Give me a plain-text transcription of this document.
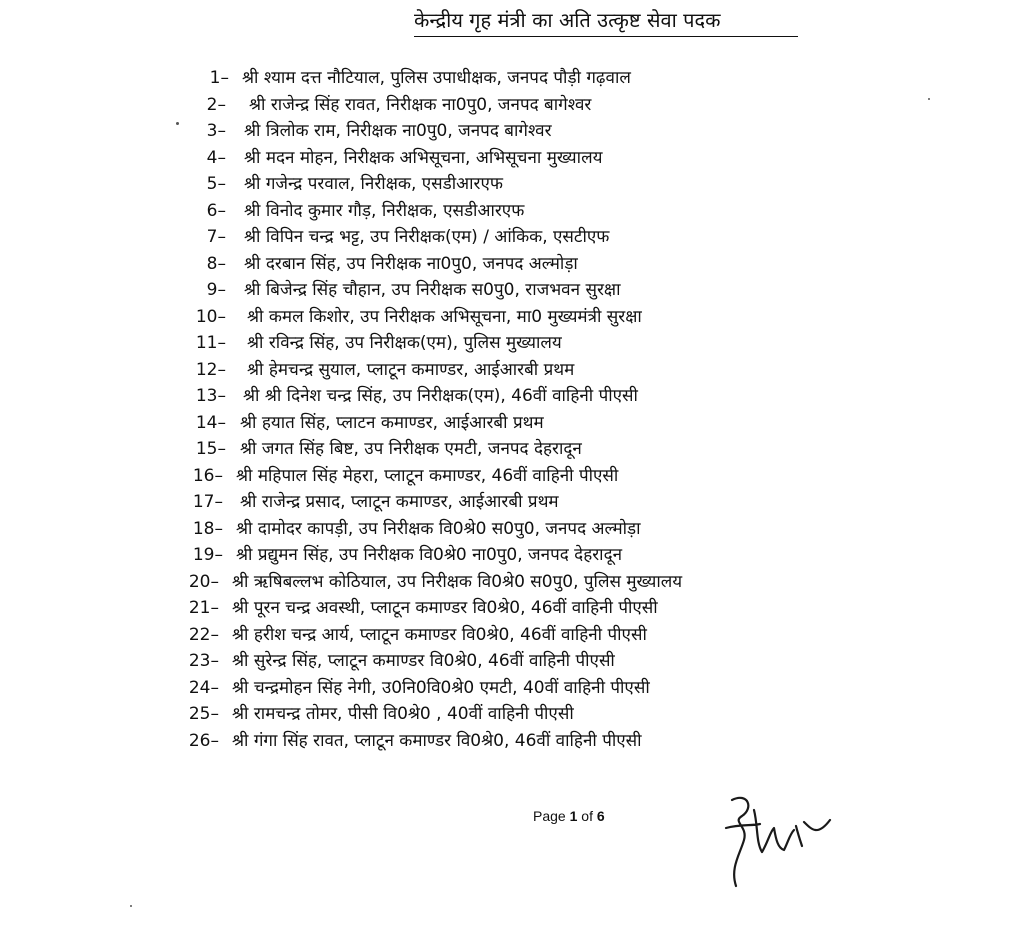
केन्द्रीय गृह मंत्री का अति उत्कृष्ट सेवा पदक
1– श्री श्याम दत्त नौटियाल, पुलिस उपाधीक्षक, जनपद पौड़ी गढ़वाल
2– श्री राजेन्द्र सिंह रावत, निरीक्षक ना0पु0, जनपद बागेश्वर
3– श्री त्रिलोक राम, निरीक्षक ना0पु0, जनपद बागेश्वर
4– श्री मदन मोहन, निरीक्षक अभिसूचना, अभिसूचना मुख्यालय
5– श्री गजेन्द्र परवाल, निरीक्षक, एसडीआरएफ
6– श्री विनोद कुमार गौड़, निरीक्षक, एसडीआरएफ
7– श्री विपिन चन्द्र भट्ट, उप निरीक्षक(एम) / आंकिक, एसटीएफ
8– श्री दरबान सिंह, उप निरीक्षक ना0पु0, जनपद अल्मोड़ा
9– श्री बिजेन्द्र सिंह चौहान, उप निरीक्षक स0पु0, राजभवन सुरक्षा
10– श्री कमल किशोर, उप निरीक्षक अभिसूचना, मा0 मुख्यमंत्री सुरक्षा
11– श्री रविन्द्र सिंह, उप निरीक्षक(एम), पुलिस मुख्यालय
12– श्री हेमचन्द्र सुयाल, प्लाटून कमाण्डर, आईआरबी प्रथम
13– श्री श्री दिनेश चन्द्र सिंह, उप निरीक्षक(एम), 46वीं वाहिनी पीएसी
14– श्री हयात सिंह, प्लाटन कमाण्डर, आईआरबी प्रथम
15– श्री जगत सिंह बिष्ट, उप निरीक्षक एमटी, जनपद देहरादून
16– श्री महिपाल सिंह मेहरा, प्लाटून कमाण्डर, 46वीं वाहिनी पीएसी
17– श्री राजेन्द्र प्रसाद, प्लाटून कमाण्डर, आईआरबी प्रथम
18– श्री दामोदर कापड़ी, उप निरीक्षक वि0श्रे0 स0पु0, जनपद अल्मोड़ा
19– श्री प्रद्युमन सिंह, उप निरीक्षक वि0श्रे0 ना0पु0, जनपद देहरादून
20– श्री ऋषिबल्लभ कोठियाल, उप निरीक्षक वि0श्रे0 स0पु0, पुलिस मुख्यालय
21– श्री पूरन चन्द्र अवस्थी, प्लाटून कमाण्डर वि0श्रे0, 46वीं वाहिनी पीएसी
22– श्री हरीश चन्द्र आर्य, प्लाटून कमाण्डर वि0श्रे0, 46वीं वाहिनी पीएसी
23– श्री सुरेन्द्र सिंह, प्लाटून कमाण्डर वि0श्रे0, 46वीं वाहिनी पीएसी
24– श्री चन्द्रमोहन सिंह नेगी, उ0नि0वि0श्रे0 एमटी, 40वीं वाहिनी पीएसी
25– श्री रामचन्द्र तोमर, पीसी वि0श्रे0 , 40वीं वाहिनी पीएसी
26– श्री गंगा सिंह रावत, प्लाटून कमाण्डर वि0श्रे0, 46वीं वाहिनी पीएसी
Page 1 of 6
